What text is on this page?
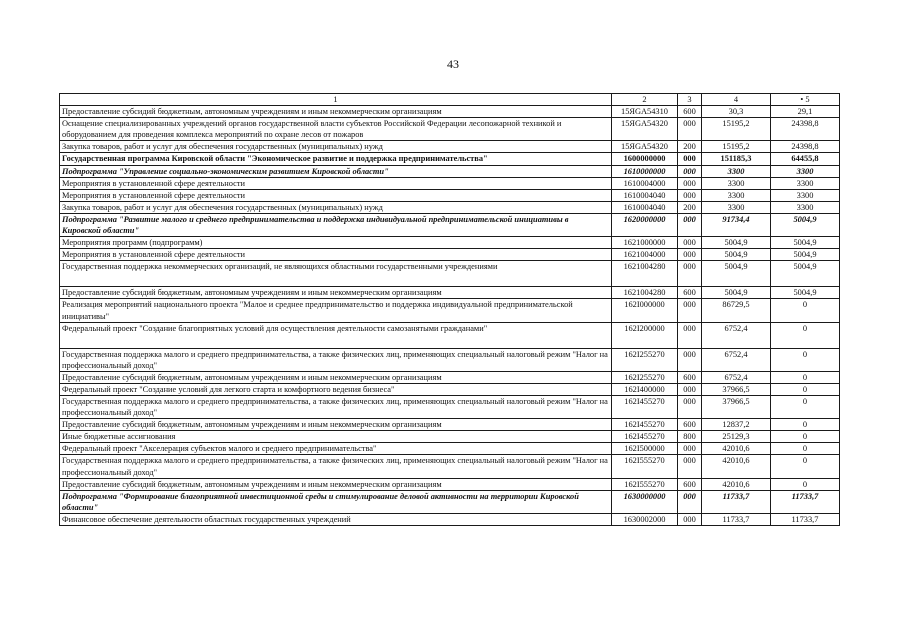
43
1	2	3	4	• 5
Предоставление субсидий бюджетным, автономным учреждениям и иным некоммерческим организациям	15ЯGA54310	600	30,3	29,1
Оснащение специализированных учреждений органов государственной власти субъектов Российской Федерации лесопожарной техникой и оборудованием для проведения комплекса мероприятий по охране лесов от пожаров	15ЯGA54320	000	15195,2	24398,8
Закупка товаров, работ и услуг для обеспечения государственных (муниципальных) нужд	15ЯGA54320	200	15195,2	24398,8
Государственная программа Кировской области "Экономическое развитие и поддержка предпринимательства"	1600000000	000	151185,3	64455,8
Подпрограмма "Управление социально-экономическим развитием Кировской области"	1610000000	000	3300	3300
Мероприятия в установленной сфере деятельности	1610004000	000	3300	3300
Мероприятия в установленной сфере деятельности	1610004040	000	3300	3300
Закупка товаров, работ и услуг для обеспечения государственных (муниципальных) нужд	1610004040	200	3300	3300
Подпрограмма "Развитие малого и среднего предпринимательства и поддержка индивидуальной предпринимательской инициативы в Кировской области"	1620000000	000	91734,4	5004,9
Мероприятия программ (подпрограмм)	1621000000	000	5004,9	5004,9
Мероприятия в установленной сфере деятельности	1621004000	000	5004,9	5004,9
Государственная поддержка некоммерческих организаций, не являющихся областными государственными учреждениями	1621004280	000	5004,9	5004,9
Предоставление субсидий бюджетным, автономным учреждениям и иным некоммерческим организациям	1621004280	600	5004,9	5004,9
Реализация мероприятий национального проекта "Малое и среднее предпринимательство и поддержка индивидуальной предпринимательской инициативы"	162I000000	000	86729,5	0
Федеральный проект "Создание благоприятных условий для осуществления деятельности самозанятыми гражданами"	162I200000	000	6752,4	0
Государственная поддержка малого и среднего предпринимательства, а также физических лиц, применяющих специальный налоговый режим "Налог на профессиональный доход"	162I255270	000	6752,4	0
Предоставление субсидий бюджетным, автономным учреждениям и иным некоммерческим организациям	162I255270	600	6752,4	0
Федеральный проект "Создание условий для легкого старта и комфортного ведения бизнеса"	162I400000	000	37966,5	0
Государственная поддержка малого и среднего предпринимательства, а также физических лиц, применяющих специальный налоговый режим "Налог на профессиональный доход"	162I455270	000	37966,5	0
Предоставление субсидий бюджетным, автономным учреждениям и иным некоммерческим организациям	162I455270	600	12837,2	0
Иные бюджетные ассигнования	162I455270	800	25129,3	0
Федеральный проект "Акселерация субъектов малого и среднего предпринимательства"	162I500000	000	42010,6	0
Государственная поддержка малого и среднего предпринимательства, а также физических лиц, применяющих специальный налоговый режим "Налог на профессиональный доход"	162I555270	000	42010,6	0
Предоставление субсидий бюджетным, автономным учреждениям и иным некоммерческим организациям	162I555270	600	42010,6	0
Подпрограмма "Формирование благоприятной инвестиционной среды и стимулирование деловой активности на территории Кировской области"	1630000000	000	11733,7	11733,7
Финансовое обеспечение деятельности областных государственных учреждений	1630002000	000	11733,7	11733,7
